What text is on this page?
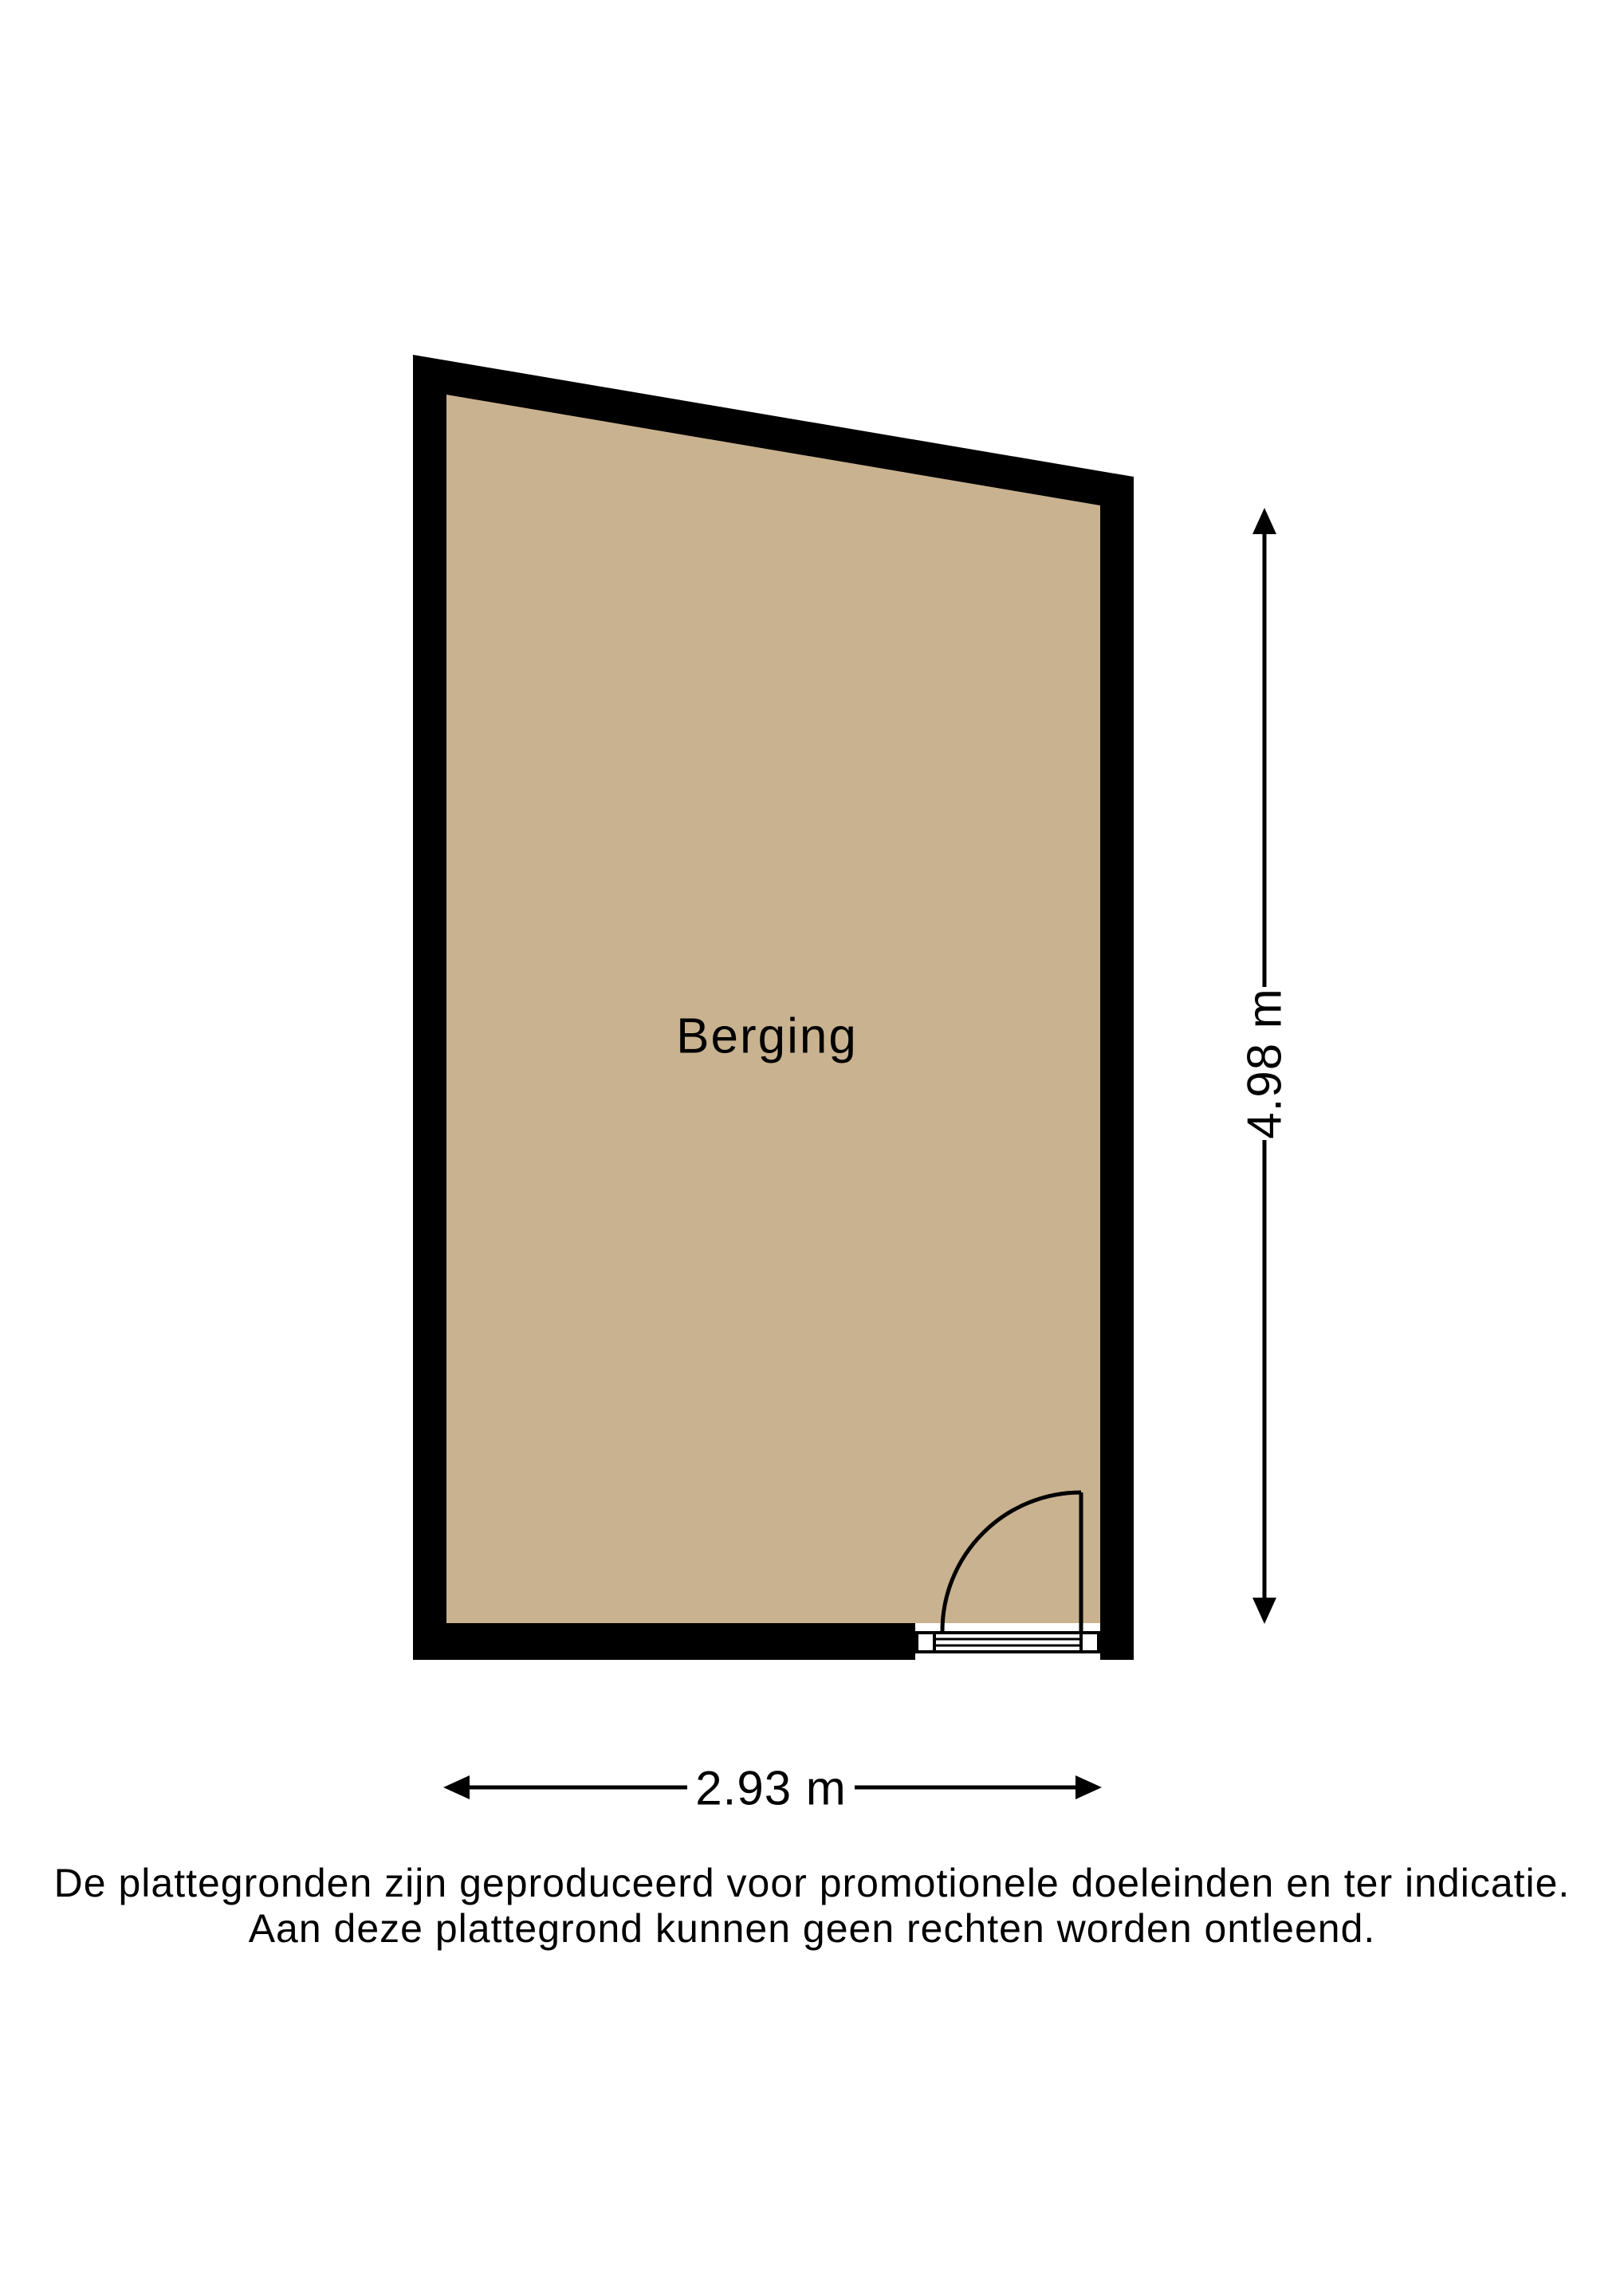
Berging	4.98 m
2.93 m

De plattegronden zijn geproduceerd voor promotionele doeleinden en ter indicatie.

Aan deze plattegrond kunnen geen rechten worden ontleend.
